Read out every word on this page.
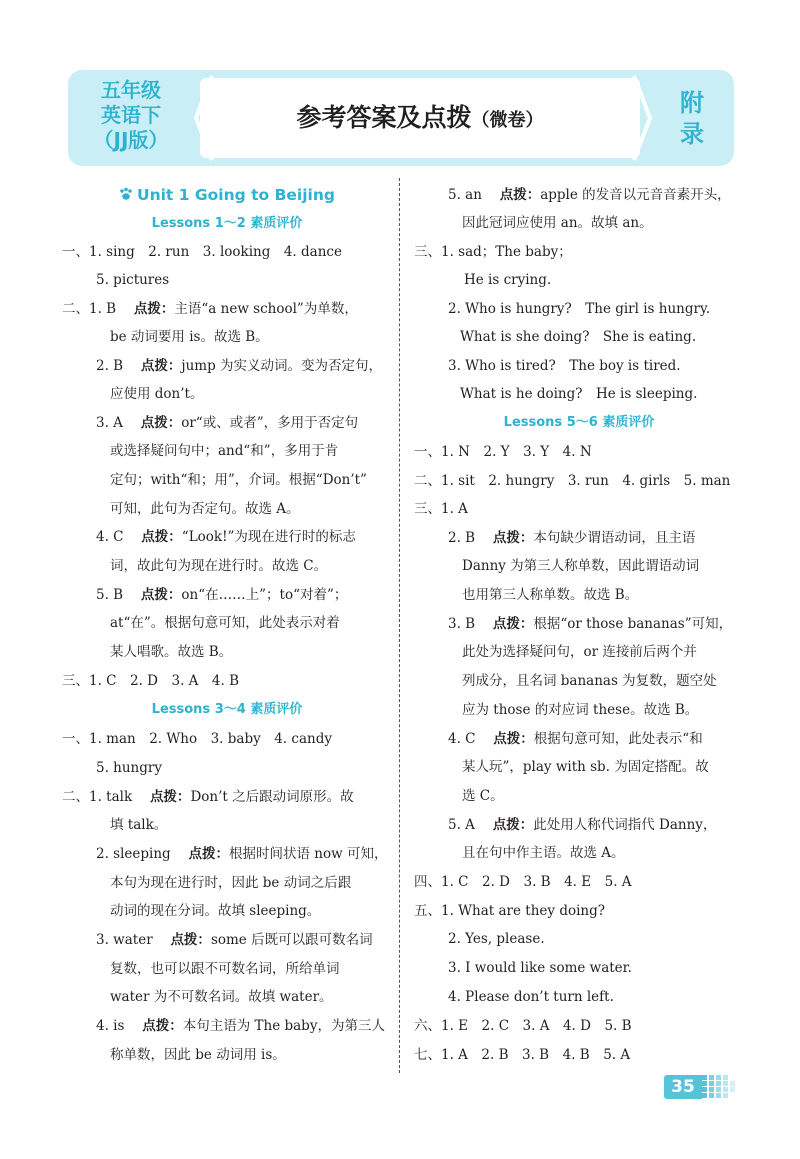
五年级
英语下
（JJ版）
参考答案及点拨（微卷）
附
录
Unit 1 Going to Beijing
Lessons 1～2 素质评价
一、1. sing　2. run　3. looking　4. dance
5. pictures
二、1. B　 点拨：主语“a new school”为单数，
be 动词要用 is。故选 B。
2. B　 点拨：jump 为实义动词。变为否定句，
应使用 don’t。
3. A　 点拨：or“或、或者”，多用于否定句
或选择疑问句中；and“和”，多用于肯
定句；with“和；用”，介词。根据“Don’t”
可知，此句为否定句。故选 A。
4. C　 点拨：“Look!”为现在进行时的标志
词，故此句为现在进行时。故选 C。
5. B　 点拨：on“在……上”；to“对着”；
at“在”。根据句意可知，此处表示对着
某人唱歌。故选 B。
三、1. C　2. D　3. A　4. B
Lessons 3～4 素质评价
一、1. man　2. Who　3. baby　4. candy
5. hungry
二、1. talk　 点拨：Don’t 之后跟动词原形。故
填 talk。
2. sleeping　 点拨：根据时间状语 now 可知，
本句为现在进行时，因此 be 动词之后跟
动词的现在分词。故填 sleeping。
3. water　 点拨：some 后既可以跟可数名词
复数，也可以跟不可数名词，所给单词
water 为不可数名词。故填 water。
4. is　 点拨：本句主语为 The baby，为第三人
称单数，因此 be 动词用 is。
5. an　 点拨：apple 的发音以元音音素开头，
因此冠词应使用 an。故填 an。
三、1. sad；The baby；
He is crying.
2. Who is hungry?　The girl is hungry.
What is she doing?　She is eating.
3. Who is tired?　The boy is tired.
What is he doing?　He is sleeping.
Lessons 5～6 素质评价
一、1. N　2. Y　3. Y　4. N
二、1. sit　2. hungry　3. run　4. girls　5. man
三、1. A
2. B　 点拨：本句缺少谓语动词，且主语
Danny 为第三人称单数，因此谓语动词
也用第三人称单数。故选 B。
3. B　 点拨：根据“or those bananas”可知，
此处为选择疑问句，or 连接前后两个并
列成分，且名词 bananas 为复数，题空处
应为 those 的对应词 these。故选 B。
4. C　 点拨：根据句意可知，此处表示“和
某人玩”，play with sb. 为固定搭配。故
选 C。
5. A　 点拨：此处用人称代词指代 Danny，
且在句中作主语。故选 A。
四、1. C　2. D　3. B　4. E　5. A
五、1. What are they doing?
2. Yes, please.
3. I would like some water.
4. Please don’t turn left.
六、1. E　2. C　3. A　4. D　5. B
七、1. A　2. B　3. B　4. B　5. A
35
